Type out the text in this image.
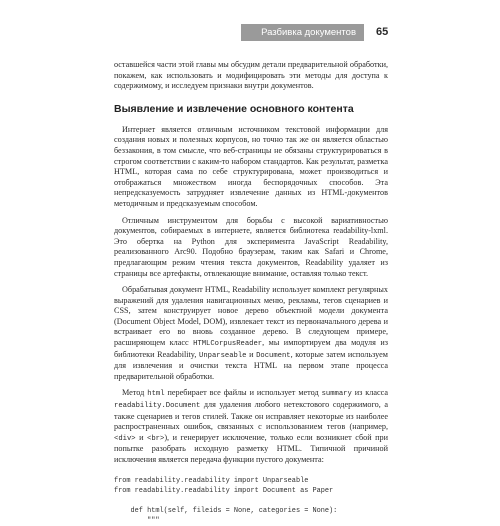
Разбивка документов	65

оставшейся части этой главы мы обсудим детали предварительной обработки, покажем, как использовать и модифицировать эти методы для доступа к содержимому, и исследуем признаки внутри документов.

Выявление и извлечение основного контента

Интернет является отличным источником текстовой информации для создания новых и полезных корпусов, но точно так же он является областью беззакония, в том смысле, что веб-страницы не обязаны структурироваться в строгом соответствии с каким-то набором стандартов. Как результат, разметка HTML, которая сама по себе структурирована, может производиться и отображаться множеством иногда беспорядочных способов. Эта непредсказуемость затрудняет извлечение данных из HTML-документов методичным и предсказуемым способом.

Отличным инструментом для борьбы с высокой вариативностью документов, собираемых в интернете, является библиотека readability-lxml. Это обертка на Python для эксперимента JavaScript Readability, реализованного Arc90. Подобно браузерам, таким как Safari и Chrome, предлагающим режим чтения текста документов, Readability удаляет из страницы все артефакты, отвлекающие внимание, оставляя только текст.

Обрабатывая документ HTML, Readability использует комплект регулярных выражений для удаления навигационных меню, рекламы, тегов сценариев и CSS, затем конструирует новое дерево объектной модели документа (Document Object Model, DOM), извлекает текст из первоначального дерева и встраивает его во вновь созданное дерево. В следующем примере, расширяющем класс HTMLCorpusReader, мы импортируем два модуля из библиотеки Readability, Unparseable и Document, которые затем используем для извлечения и очистки текста HTML на первом этапе процесса предварительной обработки.

Метод html перебирает все файлы и использует метод summary из класса readability.Document для удаления любого нетекстового содержимого, а также сценариев и тегов стилей. Также он исправляет некоторые из наиболее распространенных ошибок, связанных с использованием тегов (например, <div> и <br>), и генерирует исключение, только если возникнет сбой при попытке разобрать исходную разметку HTML. Типичной причиной исключения является передача функции пустого документа:

from readability.readability import Unparseable
from readability.readability import Document as Paper

def html(self, fileids = None, categories = None):
"""
